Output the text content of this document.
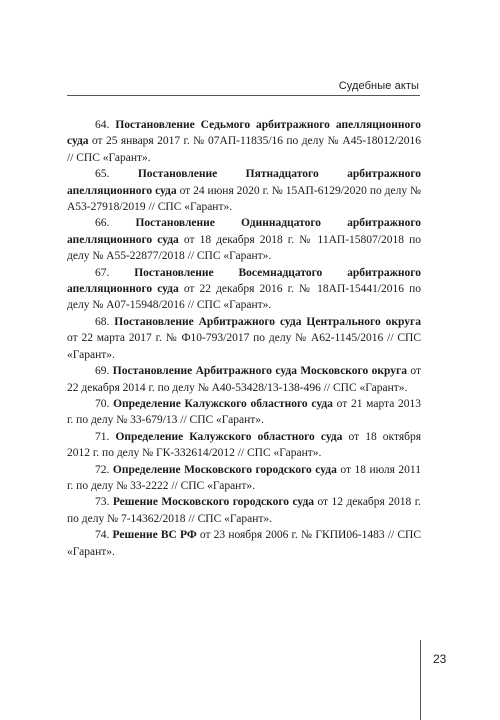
Судебные акты
64. Постановление Седьмого арбитражного апелляционного суда от 25 января 2017 г. № 07АП-11835/16 по делу № А45-18012/2016 // СПС «Гарант».
65. Постановление Пятнадцатого арбитражного апелляционного суда от 24 июня 2020 г. № 15АП-6129/2020 по делу № А53-27918/2019 // СПС «Гарант».
66. Постановление Одиннадцатого арбитражного апелляционного суда от 18 декабря 2018 г. № 11АП-15807/2018 по делу № А55-22877/2018 // СПС «Гарант».
67. Постановление Восемнадцатого арбитражного апелляционного суда от 22 декабря 2016 г. № 18АП-15441/2016 по делу № А07-15948/2016 // СПС «Гарант».
68. Постановление Арбитражного суда Центрального округа от 22 марта 2017 г. № Ф10-793/2017 по делу № А62-1145/2016 // СПС «Гарант».
69. Постановление Арбитражного суда Московского округа от 22 декабря 2014 г. по делу № А40-53428/13-138-496 // СПС «Гарант».
70. Определение Калужского областного суда от 21 марта 2013 г. по делу № 33-679/13 // СПС «Гарант».
71. Определение Калужского областного суда от 18 октября 2012 г. по делу № ГК-332614/2012 // СПС «Гарант».
72. Определение Московского городского суда от 18 июля 2011 г. по делу № 33-2222 // СПС «Гарант».
73. Решение Московского городского суда от 12 декабря 2018 г. по делу № 7-14362/2018 // СПС «Гарант».
74. Решение ВС РФ от 23 ноября 2006 г. № ГКПИ06-1483 // СПС «Гарант».
23
